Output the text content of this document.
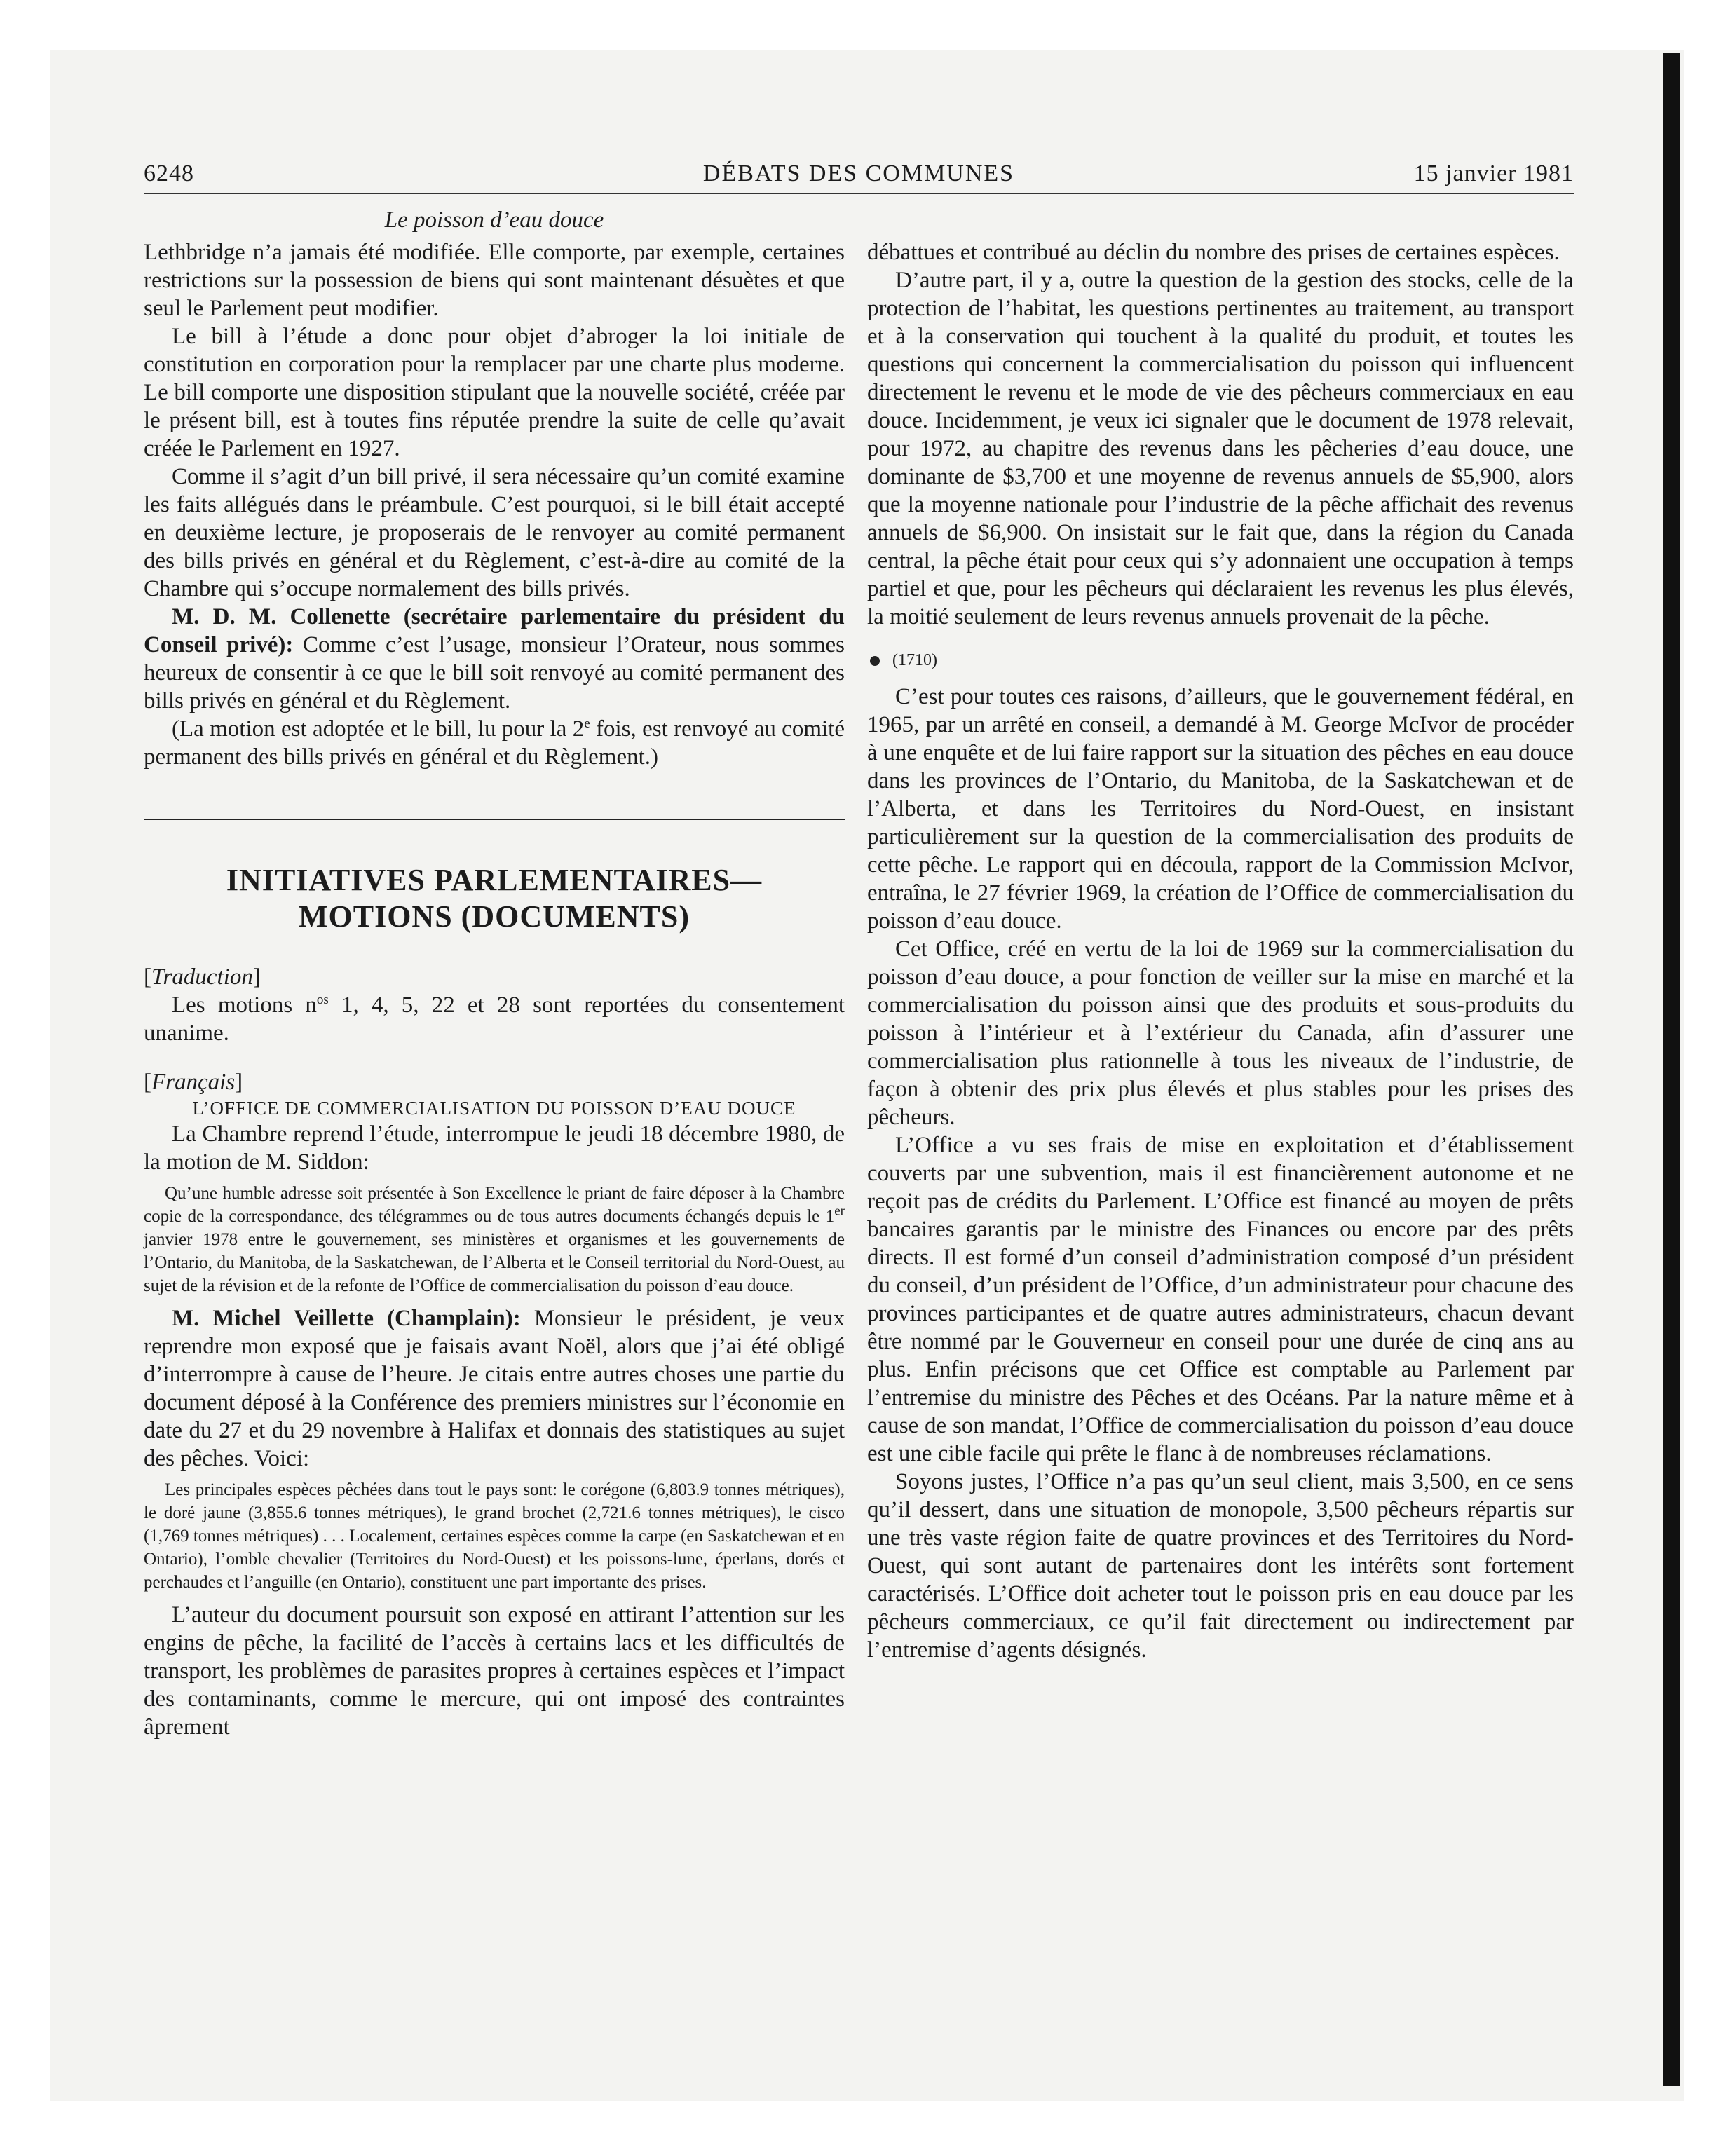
6248	DÉBATS DES COMMUNES	15 janvier 1981
Le poisson d’eau douce

Lethbridge n’a jamais été modifiée. Elle comporte, par exemple, certaines restrictions sur la possession de biens qui sont maintenant désuètes et que seul le Parlement peut modifier.

Le bill à l’étude a donc pour objet d’abroger la loi initiale de constitution en corporation pour la remplacer par une charte plus moderne. Le bill comporte une disposition stipulant que la nouvelle société, créée par le présent bill, est à toutes fins réputée prendre la suite de celle qu’avait créée le Parlement en 1927.

Comme il s’agit d’un bill privé, il sera nécessaire qu’un comité examine les faits allégués dans le préambule. C’est pourquoi, si le bill était accepté en deuxième lecture, je proposerais de le renvoyer au comité permanent des bills privés en général et du Règlement, c’est-à-dire au comité de la Chambre qui s’occupe normalement des bills privés.

M. D. M. Collenette (secrétaire parlementaire du président du Conseil privé): Comme c’est l’usage, monsieur l’Orateur, nous sommes heureux de consentir à ce que le bill soit renvoyé au comité permanent des bills privés en général et du Règlement.

(La motion est adoptée et le bill, lu pour la 2e fois, est renvoyé au comité permanent des bills privés en général et du Règlement.)

INITIATIVES PARLEMENTAIRES—
MOTIONS (DOCUMENTS)

[Traduction]

Les motions $n^{os}$ 1, 4, 5, 22 et 28 sont reportées du consentement unanime.

[Français]

L’OFFICE DE COMMERCIALISATION DU POISSON D’EAU DOUCE

La Chambre reprend l’étude, interrompue le jeudi 18 décembre 1980, de la motion de M. Siddon:

Qu’une humble adresse soit présentée à Son Excellence le priant de faire déposer à la Chambre copie de la correspondance, des télégrammes ou de tous autres documents échangés depuis le 1er janvier 1978 entre le gouvernement, ses ministères et organismes et les gouvernements de l’Ontario, du Manitoba, de la Saskatchewan, de l’Alberta et le Conseil territorial du Nord-Ouest, au sujet de la révision et de la refonte de l’Office de commercialisation du poisson d’eau douce.

M. Michel Veillette (Champlain): Monsieur le président, je veux reprendre mon exposé que je faisais avant Noël, alors que j’ai été obligé d’interrompre à cause de l’heure. Je citais entre autres choses une partie du document déposé à la Conférence des premiers ministres sur l’économie en date du 27 et du 29 novembre à Halifax et donnais des statistiques au sujet des pêches. Voici:

Les principales espèces pêchées dans tout le pays sont: le corégone (6,803.9 tonnes métriques), le doré jaune (3,855.6 tonnes métriques), le grand brochet (2,721.6 tonnes métriques), le cisco (1,769 tonnes métriques) . . . Localement, certaines espèces comme la carpe (en Saskatchewan et en Ontario), l’omble chevalier (Territoires du Nord-Ouest) et les poissons-lune, éperlans, dorés et perchaudes et l’anguille (en Ontario), constituent une part importante des prises.

L’auteur du document poursuit son exposé en attirant l’attention sur les engins de pêche, la facilité de l’accès à certains lacs et les difficultés de transport, les problèmes de parasites propres à certaines espèces et l’impact des contaminants, comme le mercure, qui ont imposé des contraintes âprement

débattues et contribué au déclin du nombre des prises de certaines espèces.

D’autre part, il y a, outre la question de la gestion des stocks, celle de la protection de l’habitat, les questions pertinentes au traitement, au transport et à la conservation qui touchent à la qualité du produit, et toutes les questions qui concernent la commercialisation du poisson qui influencent directement le revenu et le mode de vie des pêcheurs commerciaux en eau douce. Incidemment, je veux ici signaler que le document de 1978 relevait, pour 1972, au chapitre des revenus dans les pêcheries d’eau douce, une dominante de $3,700 et une moyenne de revenus annuels de $5,900, alors que la moyenne nationale pour l’industrie de la pêche affichait des revenus annuels de $6,900. On insistait sur le fait que, dans la région du Canada central, la pêche était pour ceux qui s’y adonnaient une occupation à temps partiel et que, pour les pêcheurs qui déclaraient les revenus les plus élevés, la moitié seulement de leurs revenus annuels provenait de la pêche.

(1710)

C’est pour toutes ces raisons, d’ailleurs, que le gouvernement fédéral, en 1965, par un arrêté en conseil, a demandé à M. George McIvor de procéder à une enquête et de lui faire rapport sur la situation des pêches en eau douce dans les provinces de l’Ontario, du Manitoba, de la Saskatchewan et de l’Alberta, et dans les Territoires du Nord-Ouest, en insistant particulièrement sur la question de la commercialisation des produits de cette pêche. Le rapport qui en découla, rapport de la Commission McIvor, entraîna, le 27 février 1969, la création de l’Office de commercialisation du poisson d’eau douce.

Cet Office, créé en vertu de la loi de 1969 sur la commercialisation du poisson d’eau douce, a pour fonction de veiller sur la mise en marché et la commercialisation du poisson ainsi que des produits et sous-produits du poisson à l’intérieur et à l’extérieur du Canada, afin d’assurer une commercialisation plus rationnelle à tous les niveaux de l’industrie, de façon à obtenir des prix plus élevés et plus stables pour les prises des pêcheurs.

L’Office a vu ses frais de mise en exploitation et d’établissement couverts par une subvention, mais il est financièrement autonome et ne reçoit pas de crédits du Parlement. L’Office est financé au moyen de prêts bancaires garantis par le ministre des Finances ou encore par des prêts directs. Il est formé d’un conseil d’administration composé d’un président du conseil, d’un président de l’Office, d’un administrateur pour chacune des provinces participantes et de quatre autres administrateurs, chacun devant être nommé par le Gouverneur en conseil pour une durée de cinq ans au plus. Enfin précisons que cet Office est comptable au Parlement par l’entremise du ministre des Pêches et des Océans. Par la nature même et à cause de son mandat, l’Office de commercialisation du poisson d’eau douce est une cible facile qui prête le flanc à de nombreuses réclamations.

Soyons justes, l’Office n’a pas qu’un seul client, mais 3,500, en ce sens qu’il dessert, dans une situation de monopole, 3,500 pêcheurs répartis sur une très vaste région faite de quatre provinces et des Territoires du Nord-Ouest, qui sont autant de partenaires dont les intérêts sont fortement caractérisés. L’Office doit acheter tout le poisson pris en eau douce par les pêcheurs commerciaux, ce qu’il fait directement ou indirectement par l’entremise d’agents désignés.
